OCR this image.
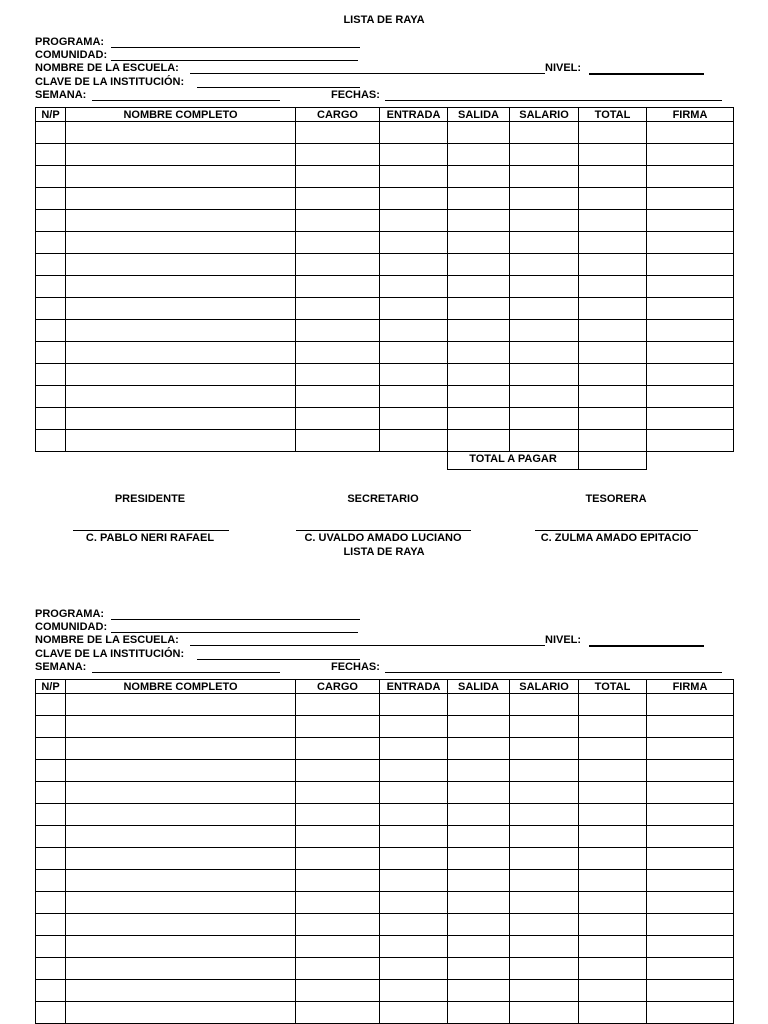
LISTA DE RAYA
PROGRAMA:
COMUNIDAD:
NOMBRE DE LA ESCUELA:	NIVEL:
CLAVE DE LA INSTITUCIÓN:
SEMANA:	FECHAS:
N/P	NOMBRE COMPLETO	CARGO	ENTRADA	SALIDA	SALARIO	TOTAL	FIRMA

TOTAL A PAGAR
PRESIDENTE
C. PABLO NERI RAFAEL
SECRETARIO
C. UVALDO AMADO LUCIANO
TESORERA
C. ZULMA AMADO EPITACIO
LISTA DE RAYA
PROGRAMA:
COMUNIDAD:
NOMBRE DE LA ESCUELA:	NIVEL:
CLAVE DE LA INSTITUCIÓN:
SEMANA:	FECHAS:
N/P	NOMBRE COMPLETO	CARGO	ENTRADA	SALIDA	SALARIO	TOTAL	FIRMA
